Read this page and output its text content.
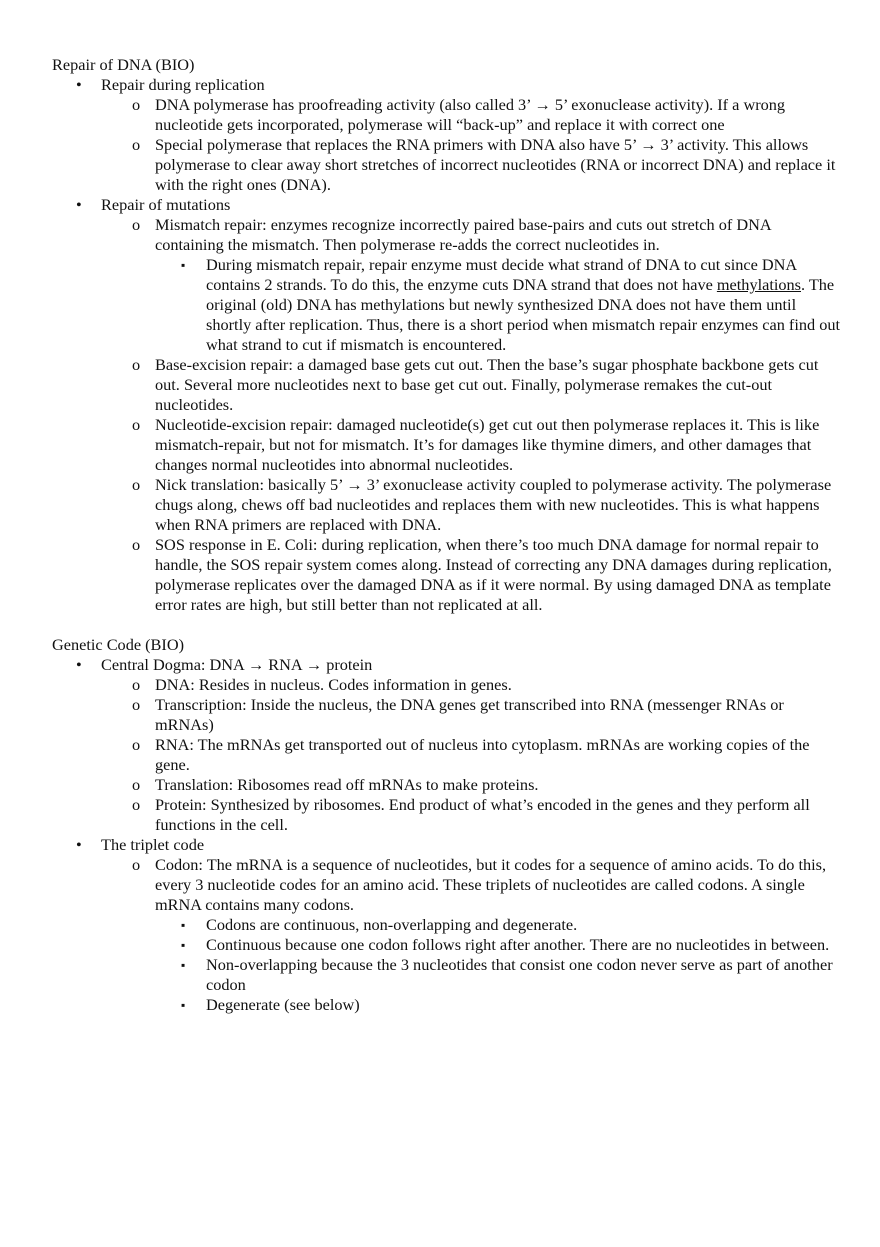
Repair of DNA (BIO)

•	Repair during replication
o DNA polymerase has proofreading activity (also called 3’ → 5’ exonuclease activity). If a wrong nucleotide gets incorporated, polymerase will “back-up” and replace it with correct one
o Special polymerase that replaces the RNA primers with DNA also have 5’ → 3’ activity. This allows polymerase to clear away short stretches of incorrect nucleotides (RNA or incorrect DNA) and replace it with the right ones (DNA).
•	Repair of mutations
o Mismatch repair: enzymes recognize incorrectly paired base-pairs and cuts out stretch of DNA containing the mismatch. Then polymerase re-adds the correct nucleotides in.
▪	During mismatch repair, repair enzyme must decide what strand of DNA to cut since DNA contains 2 strands. To do this, the enzyme cuts DNA strand that does not have methylations. The original (old) DNA has methylations but newly synthesized DNA does not have them until shortly after replication. Thus, there is a short period when mismatch repair enzymes can find out what strand to cut if mismatch is encountered.
o Base-excision repair: a damaged base gets cut out. Then the base’s sugar phosphate backbone gets cut out. Several more nucleotides next to base get cut out. Finally, polymerase remakes the cut-out nucleotides.
o Nucleotide-excision repair: damaged nucleotide(s) get cut out then polymerase replaces it. This is like mismatch-repair, but not for mismatch. It’s for damages like thymine dimers, and other damages that changes normal nucleotides into abnormal nucleotides.
o Nick translation: basically 5’ → 3’ exonuclease activity coupled to polymerase activity. The polymerase chugs along, chews off bad nucleotides and replaces them with new nucleotides. This is what happens when RNA primers are replaced with DNA.
o SOS response in E. Coli: during replication, when there’s too much DNA damage for normal repair to handle, the SOS repair system comes along. Instead of correcting any DNA damages during replication, polymerase replicates over the damaged DNA as if it were normal. By using damaged DNA as template error rates are high, but still better than not replicated at all.

Genetic Code (BIO)

•	Central Dogma: DNA → RNA → protein
o DNA: Resides in nucleus. Codes information in genes.
o Transcription: Inside the nucleus, the DNA genes get transcribed into RNA (messenger RNAs or mRNAs)
o RNA: The mRNAs get transported out of nucleus into cytoplasm. mRNAs are working copies of the gene.
o Translation: Ribosomes read off mRNAs to make proteins.
o Protein: Synthesized by ribosomes. End product of what’s encoded in the genes and they perform all functions in the cell.
•	The triplet code
o Codon: The mRNA is a sequence of nucleotides, but it codes for a sequence of amino acids. To do this, every 3 nucleotide codes for an amino acid. These triplets of nucleotides are called codons. A single mRNA contains many codons.
▪	Codons are continuous, non-overlapping and degenerate.
▪	Continuous because one codon follows right after another. There are no nucleotides in between.
▪	Non-overlapping because the 3 nucleotides that consist one codon never serve as part of another codon
▪	Degenerate (see below)
